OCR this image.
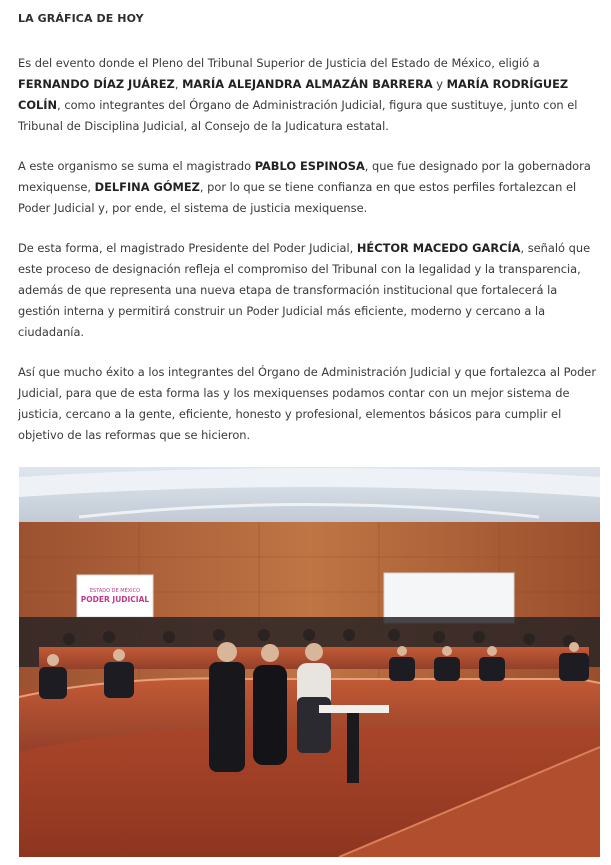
LA GRÁFICA DE HOY

Es del evento donde el Pleno del Tribunal Superior de Justicia del Estado de México, eligió a FERNANDO DÍAZ JUÁREZ, MARÍA ALEJANDRA ALMAZÁN BARRERA y MARÍA RODRÍGUEZ COLÍN, como integrantes del Órgano de Administración Judicial, figura que sustituye, junto con el Tribunal de Disciplina Judicial, al Consejo de la Judicatura estatal.

A este organismo se suma el magistrado PABLO ESPINOSA, que fue designado por la gobernadora mexiquense, DELFINA GÓMEZ, por lo que se tiene confianza en que estos perfiles fortalezcan el Poder Judicial y, por ende, el sistema de justicia mexiquense.

De esta forma, el magistrado Presidente del Poder Judicial, HÉCTOR MACEDO GARCÍA, señaló que este proceso de designación refleja el compromiso del Tribunal con la legalidad y la transparencia, además de que representa una nueva etapa de transformación institucional que fortalecerá la gestión interna y permitirá construir un Poder Judicial más eficiente, moderno y cercano a la ciudadanía.

Así que mucho éxito a los integrantes del Órgano de Administración Judicial y que fortalezca al Poder Judicial, para que de esta forma las y los mexiquenses podamos contar con un mejor sistema de justicia, cercano a la gente, eficiente, honesto y profesional, elementos básicos para cumplir el objetivo de las reformas que se hicieron.

ESTADO DE MÉXICO
PODER JUDICIAL
